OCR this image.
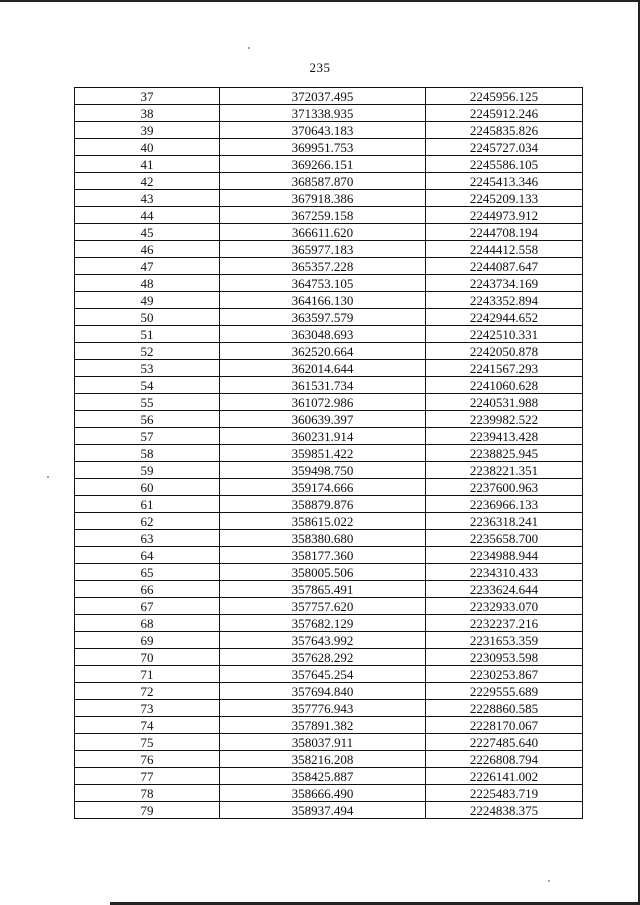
235
37	372037.495	2245956.125
38	371338.935	2245912.246
39	370643.183	2245835.826
40	369951.753	2245727.034
41	369266.151	2245586.105
42	368587.870	2245413.346
43	367918.386	2245209.133
44	367259.158	2244973.912
45	366611.620	2244708.194
46	365977.183	2244412.558
47	365357.228	2244087.647
48	364753.105	2243734.169
49	364166.130	2243352.894
50	363597.579	2242944.652
51	363048.693	2242510.331
52	362520.664	2242050.878
53	362014.644	2241567.293
54	361531.734	2241060.628
55	361072.986	2240531.988
56	360639.397	2239982.522
57	360231.914	2239413.428
58	359851.422	2238825.945
59	359498.750	2238221.351
60	359174.666	2237600.963
61	358879.876	2236966.133
62	358615.022	2236318.241
63	358380.680	2235658.700
64	358177.360	2234988.944
65	358005.506	2234310.433
66	357865.491	2233624.644
67	357757.620	2232933.070
68	357682.129	2232237.216
69	357643.992	2231653.359
70	357628.292	2230953.598
71	357645.254	2230253.867
72	357694.840	2229555.689
73	357776.943	2228860.585
74	357891.382	2228170.067
75	358037.911	2227485.640
76	358216.208	2226808.794
77	358425.887	2226141.002
78	358666.490	2225483.719
79	358937.494	2224838.375
